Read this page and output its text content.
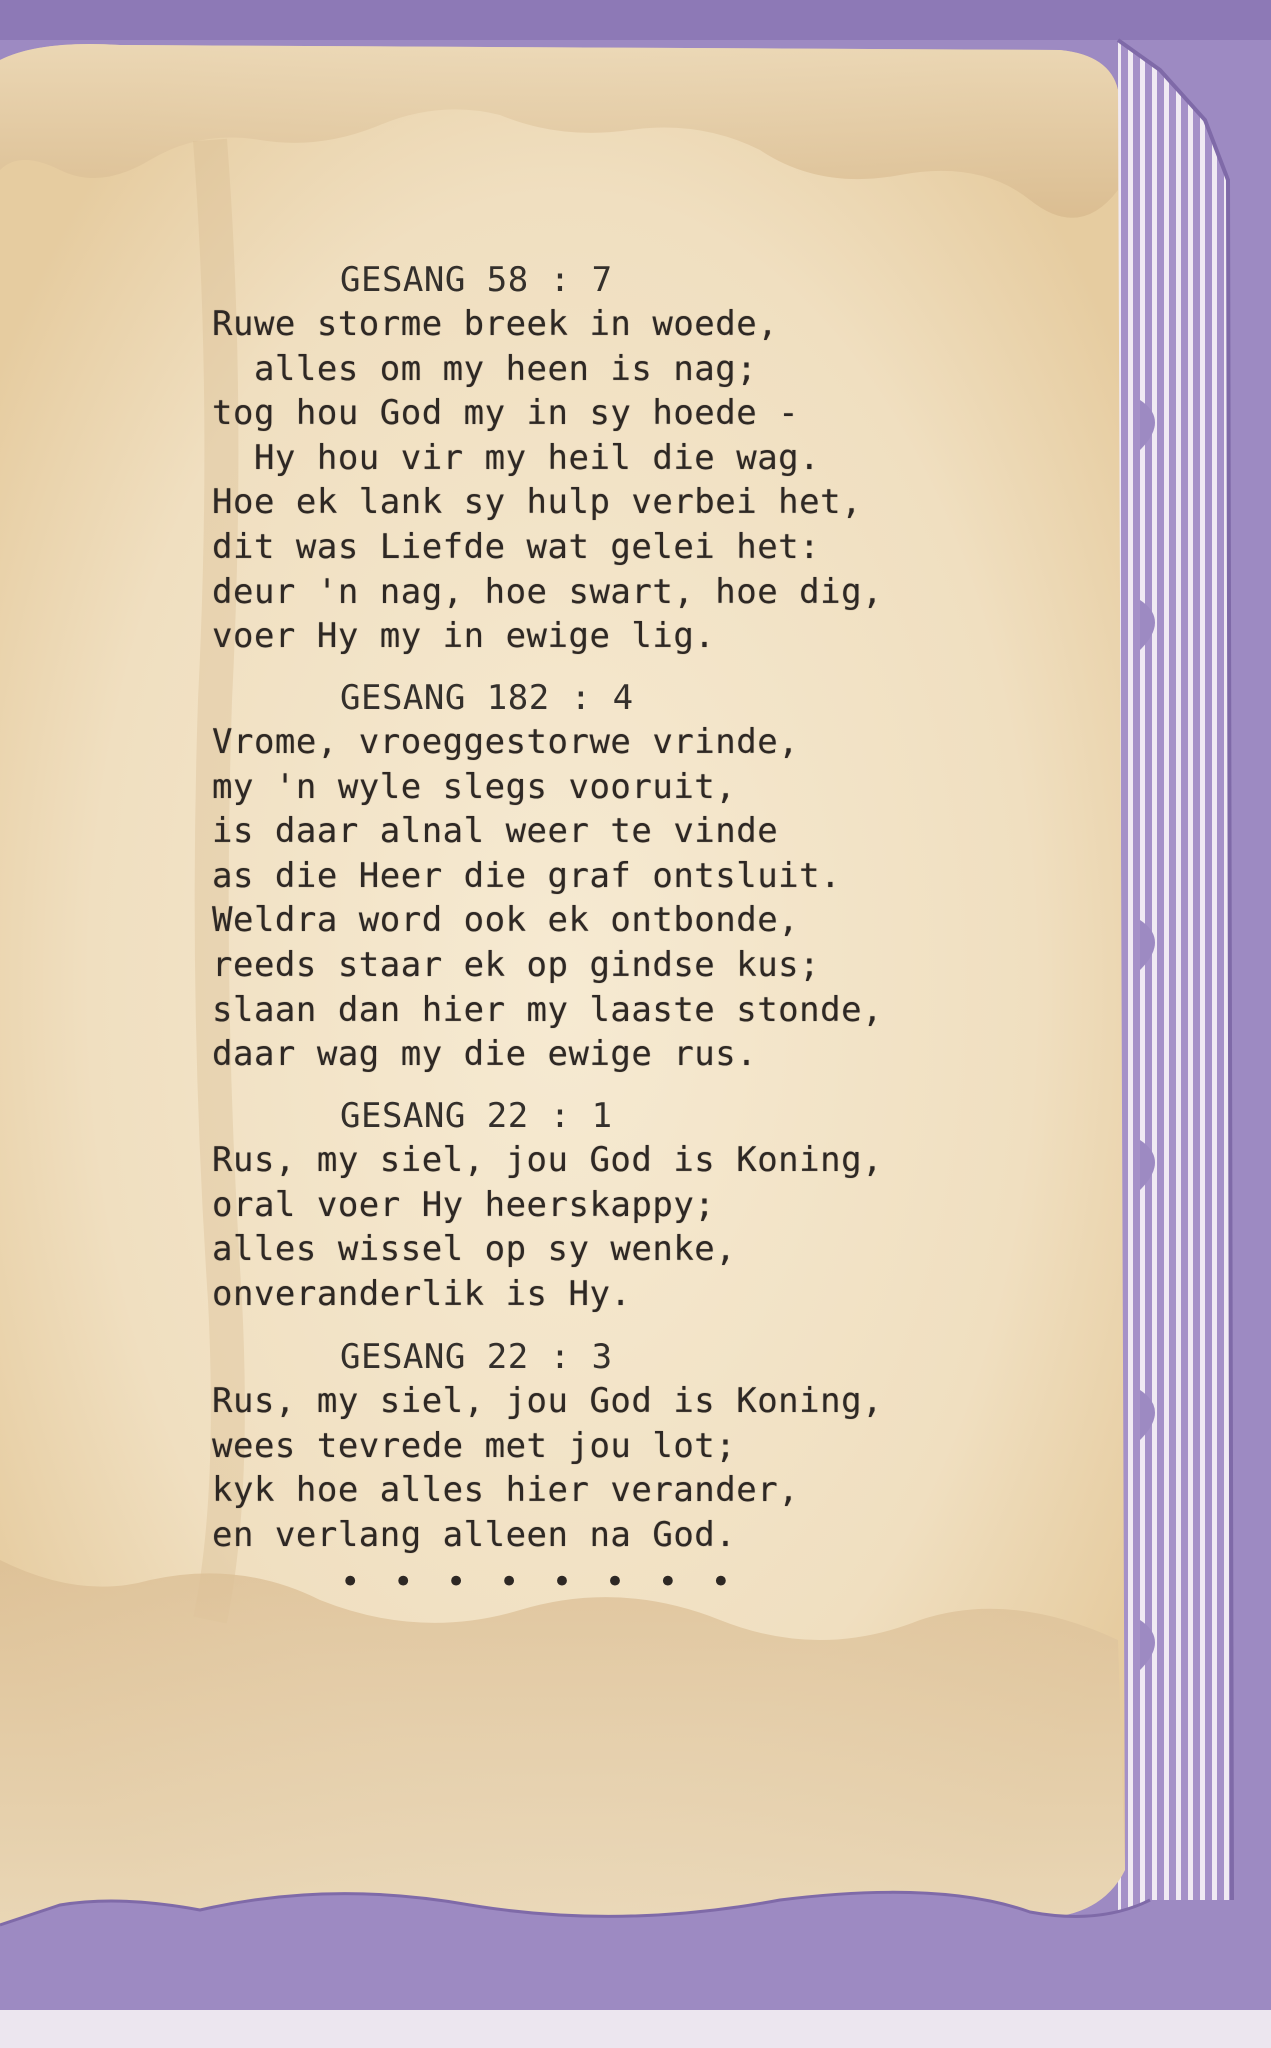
GESANG 58 : 7
Ruwe storme breek in woede,
alles om my heen is nag;
tog hou God my in sy hoede -
Hy hou vir my heil die wag.
Hoe ek lank sy hulp verbei het,
dit was Liefde wat gelei het:
deur 'n nag, hoe swart, hoe dig,
voer Hy my in ewige lig.
GESANG 182 : 4
Vrome, vroeggestorwe vrinde,
my 'n wyle slegs vooruit,
is daar alnal weer te vinde
as die Heer die graf ontsluit.
Weldra word ook ek ontbonde,
reeds staar ek op gindse kus;
slaan dan hier my laaste stonde,
daar wag my die ewige rus.
GESANG 22 : 1
Rus, my siel, jou God is Koning,
oral voer Hy heerskappy;
alles wissel op sy wenke,
onveranderlik is Hy.
GESANG 22 : 3
Rus, my siel, jou God is Koning,
wees tevrede met jou lot;
kyk hoe alles hier verander,
en verlang alleen na God.
• • • • • • • •
